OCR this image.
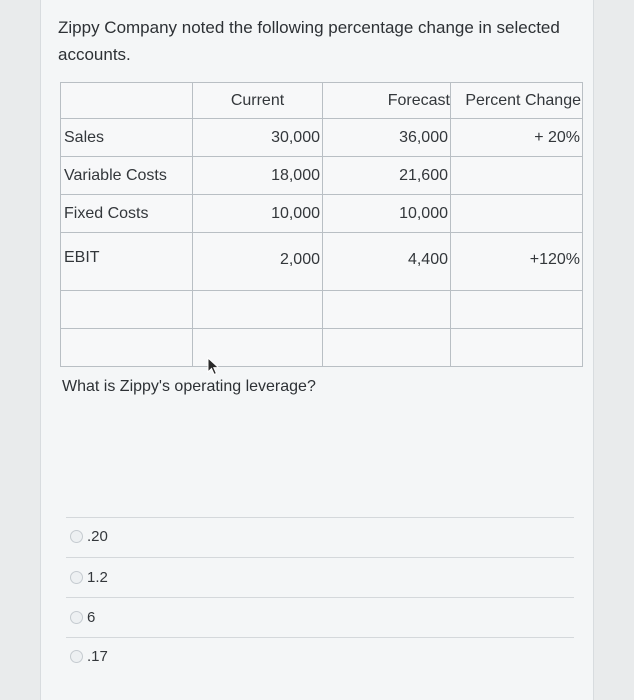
Zippy Company noted the following percentage change in selected accounts.
	Current	Forecast	Percent Change
Sales	30,000	36,000	+ 20%
Variable Costs	18,000	21,600	
Fixed Costs	10,000	10,000	
EBIT	2,000	4,400	+120%

What is Zippy's operating leverage?
.20
1.2
6
.17
